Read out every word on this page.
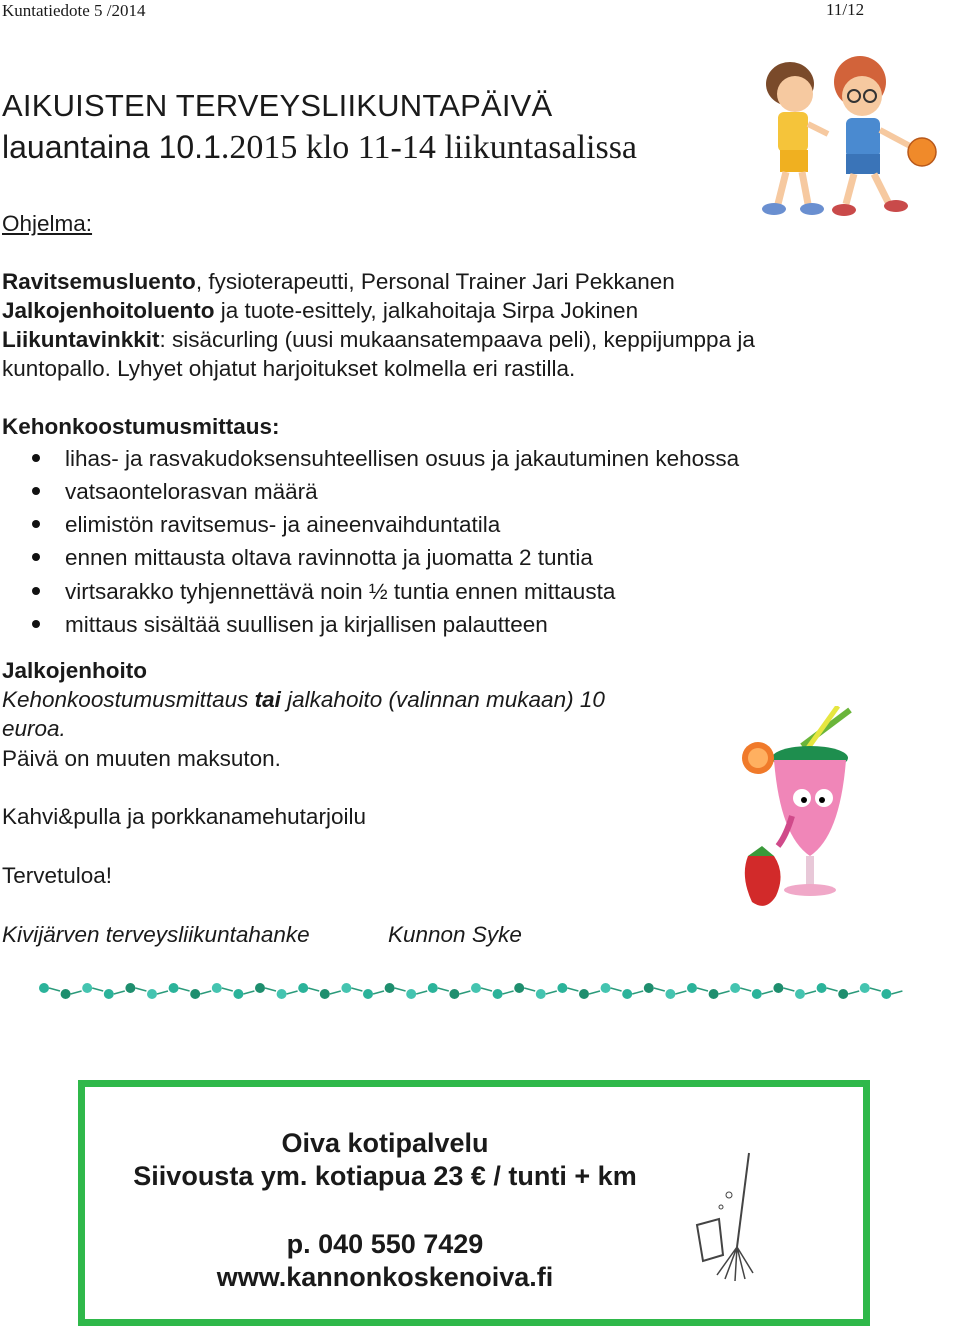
Kuntatiedote 5 /2014	11/12
AIKUISTEN TERVEYSLIIKUNTAPÄIVÄ
lauantaina 10.1.2015 klo 11-14 liikuntasalissa
Ohjelma:
Ravitsemusluento, fysioterapeutti, Personal Trainer Jari Pekkanen
Jalkojenhoitoluento ja tuote-esittely, jalkahoitaja Sirpa Jokinen
Liikuntavinkkit: sisäcurling (uusi mukaansatempaava peli), keppijumppa ja
kuntopallo. Lyhyet ohjatut harjoitukset kolmella eri rastilla.
Kehonkoostumusmittaus:
lihas- ja rasvakudoksensuhteellisen osuus ja jakautuminen kehossa
vatsaontelorasvan määrä
elimistön ravitsemus- ja aineenvaihduntatila
ennen mittausta oltava ravinnotta ja juomatta 2 tuntia
virtsarakko tyhjennettävä noin ½ tuntia ennen mittausta
mittaus sisältää suullisen ja kirjallisen palautteen
Jalkojenhoito
Kehonkoostumusmittaus tai jalkahoito (valinnan mukaan) 10
euroa.
Päivä on muuten maksuton.
Kahvi&pulla ja porkkanamehutarjoilu
Tervetuloa!
Kivijärven terveysliikuntahanke	Kunnon Syke
Oiva kotipalvelu
Siivousta ym. kotiapua 23 € / tunti + km
p. 040 550 7429
www.kannonkoskenoiva.fi
